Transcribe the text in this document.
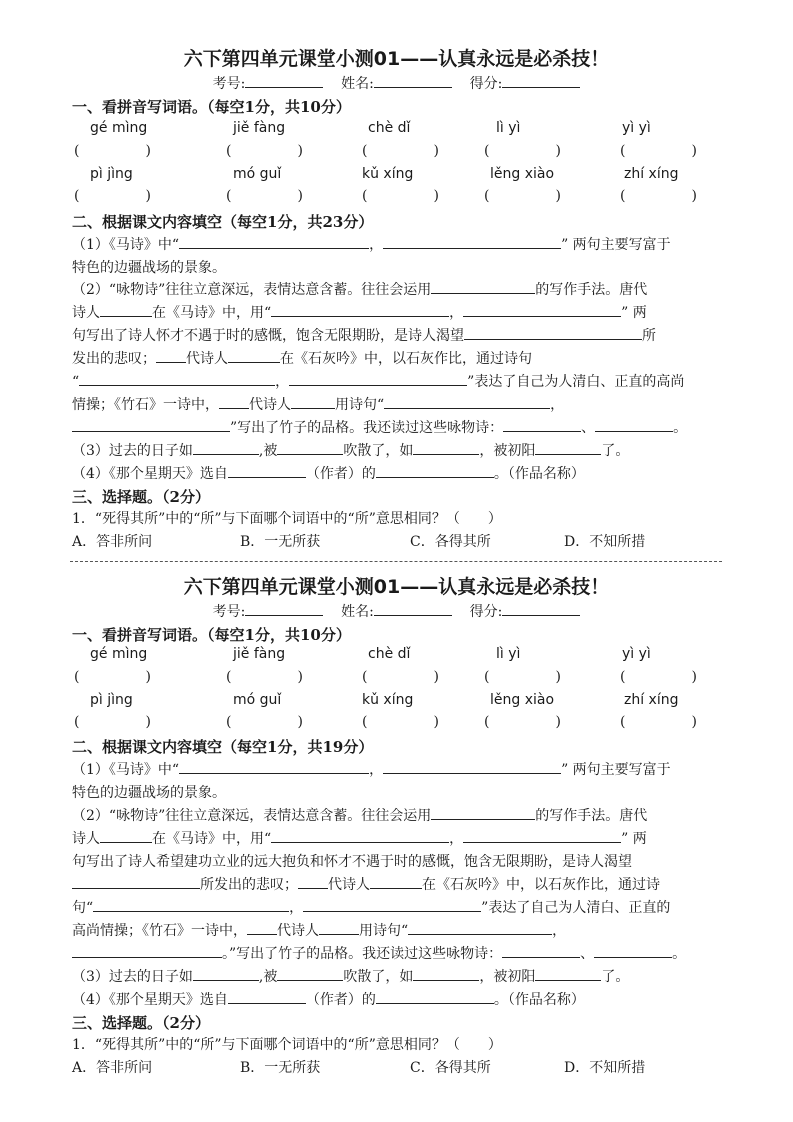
六下第四单元课堂小测01——认真永远是必杀技！
考号:	姓名:	得分:
一、看拼音写词语。（每空1分，共10分）
gé mìng	jiě fàng	chè dǐ	lì yì	yì yì
(	)	(	)	(	)	(	)	(	)
pì jìng	mó guǐ	kǔ xíng	lěng xiào	zhí xíng
(	)	(	)	(	)	(	)	(	)
二、根据课文内容填空（每空1分，共23分）
（1）《马诗》中“	，	” 两句主要写富于
特色的边疆战场的景象。
（2）“咏物诗”往往立意深远，表情达意含蓄。往往会运用	的写作手法。唐代
诗人	在《马诗》中，用“	，	” 两
句写出了诗人怀才不遇于时的感慨，饱含无限期盼，是诗人渴望	所
发出的悲叹； 代诗人	在《石灰吟》中，以石灰作比，通过诗句
“	，	”表达了自己为人清白、正直的高尚
情操；《竹石》一诗中， 代诗人	用诗句“	，
”写出了竹子的品格。我还读过这些咏物诗：	、	。
（3）过去的日子如	,被	吹散了，如	，被初阳	了。
（4）《那个星期天》选自	（作者）的	。（作品名称）
三、选择题。（2分）
1．“死得其所”中的“所”与下面哪个词语中的“所”意思相同？（　　）
A．答非所问	B．一无所获	C．各得其所	D．不知所措
六下第四单元课堂小测01——认真永远是必杀技！
考号:	姓名:	得分:
一、看拼音写词语。（每空1分，共10分）
gé mìng	jiě fàng	chè dǐ	lì yì	yì yì
(	)	(	)	(	)	(	)	(	)
pì jìng	mó guǐ	kǔ xíng	lěng xiào	zhí xíng
(	)	(	)	(	)	(	)	(	)
二、根据课文内容填空（每空1分，共19分）
（1）《马诗》中“	，	” 两句主要写富于
特色的边疆战场的景象。
（2）“咏物诗”往往立意深远，表情达意含蓄。往往会运用	的写作手法。唐代
诗人	在《马诗》中，用“	，	” 两
句写出了诗人希望建功立业的远大抱负和怀才不遇于时的感慨，饱含无限期盼，是诗人渴望
所发出的悲叹； 代诗人	在《石灰吟》中，以石灰作比，通过诗
句“	，	”表达了自己为人清白、正直的
高尚情操；《竹石》一诗中， 代诗人	用诗句“	，
。”写出了竹子的品格。我还读过这些咏物诗：	、	。
（3）过去的日子如	,被	吹散了，如	，被初阳	了。
（4）《那个星期天》选自	（作者）的	。（作品名称）
三、选择题。（2分）
1．“死得其所”中的“所”与下面哪个词语中的“所”意思相同？（　　）
A．答非所问	B．一无所获	C．各得其所	D．不知所措
